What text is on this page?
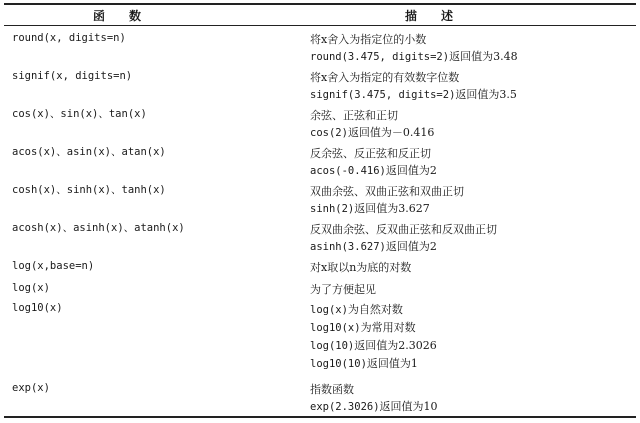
函　　数	描　　述
round(x, digits=n)	将x舍入为指定位的小数
round(3.475, digits=2)返回值为3.48
signif(x, digits=n)	将x舍入为指定的有效数字位数
signif(3.475, digits=2)返回值为3.5
cos(x)、sin(x)、tan(x)	余弦、正弦和正切
cos(2)返回值为－0.416
acos(x)、asin(x)、atan(x)	反余弦、反正弦和反正切
acos(-0.416)返回值为2
cosh(x)、sinh(x)、tanh(x)	双曲余弦、双曲正弦和双曲正切
sinh(2)返回值为3.627
acosh(x)、asinh(x)、atanh(x)	反双曲余弦、反双曲正弦和反双曲正切
asinh(3.627)返回值为2
log(x,base=n)	对x取以n为底的对数
log(x)	为了方便起见
log10(x)	log(x)为自然对数
log10(x)为常用对数
log(10)返回值为2.3026
log10(10)返回值为1
exp(x)	指数函数
exp(2.3026)返回值为10
